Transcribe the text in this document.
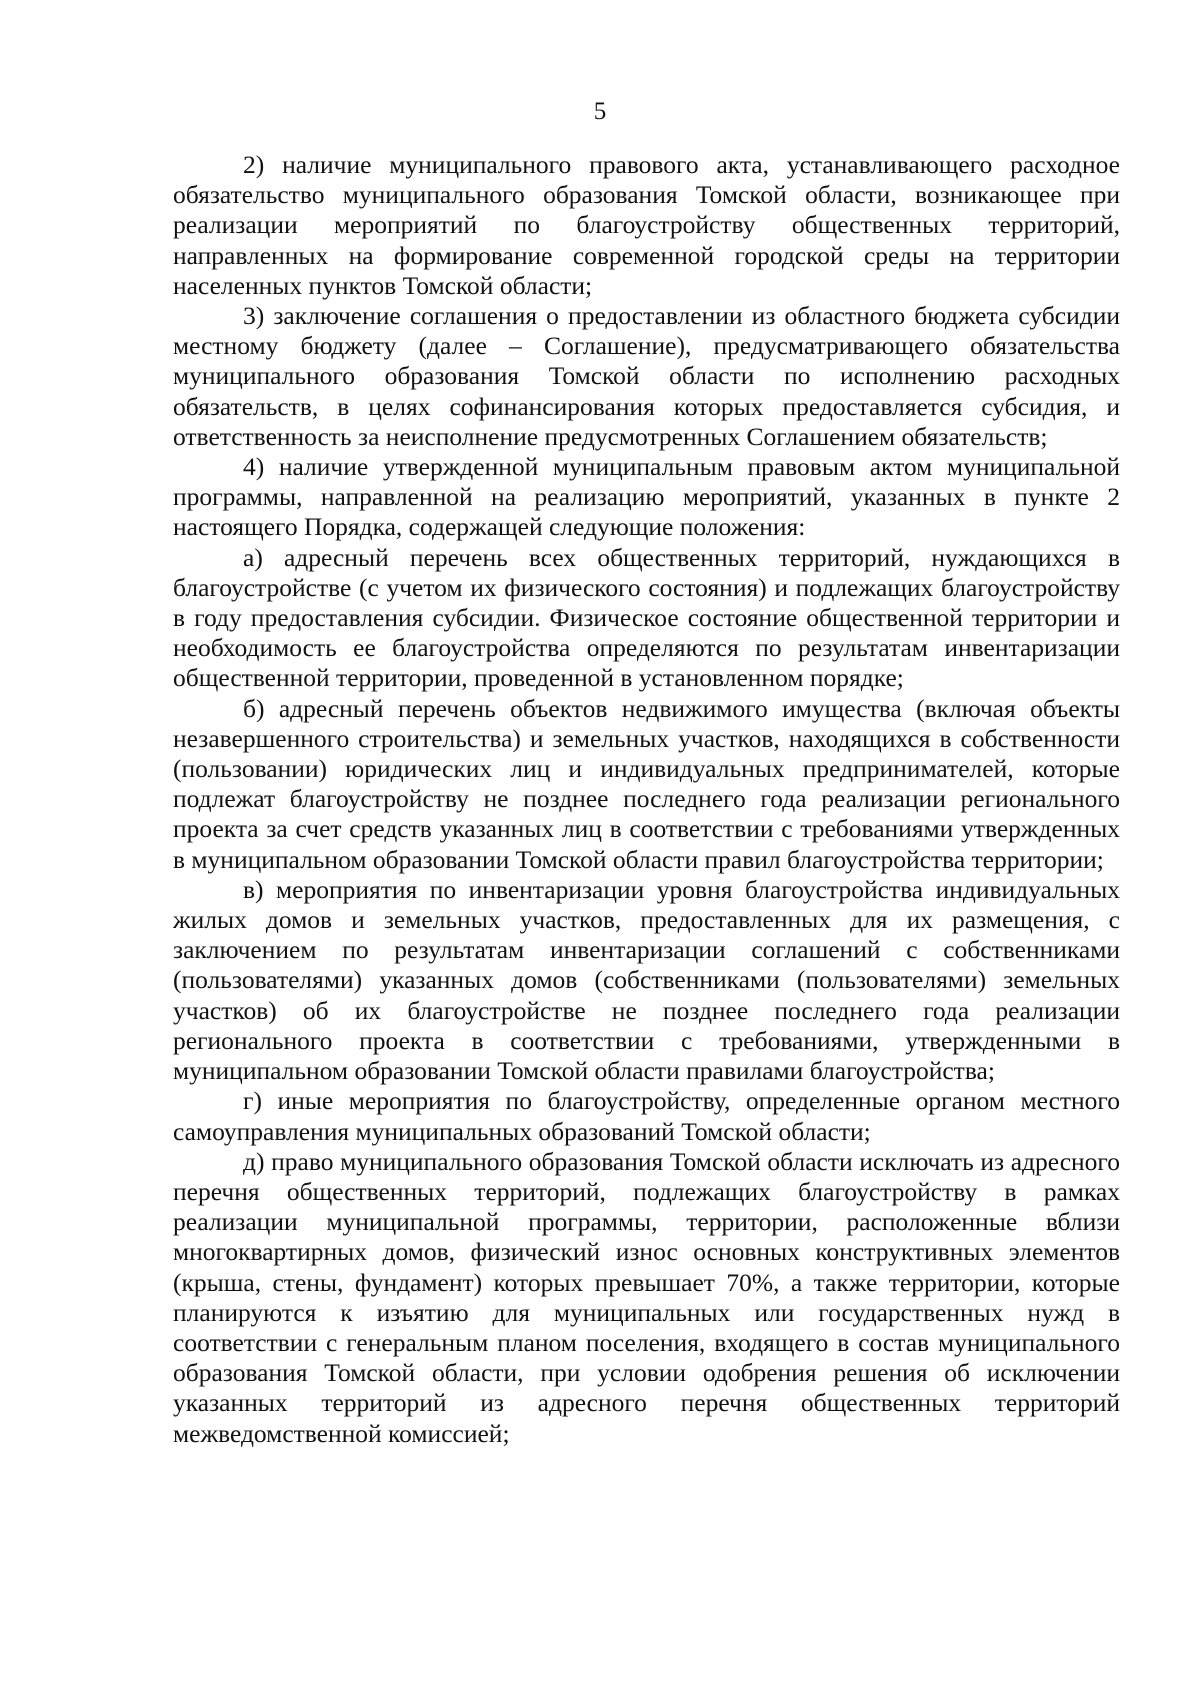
5

2) наличие муниципального правового акта, устанавливающего расходное обязательство муниципального образования Томской области, возникающее при реализации мероприятий по благоустройству общественных территорий, направленных на формирование современной городской среды на территории населенных пунктов Томской области;

3) заключение соглашения о предоставлении из областного бюджета субсидии местному бюджету (далее – Соглашение), предусматривающего обязательства муниципального образования Томской области по исполнению расходных обязательств, в целях софинансирования которых предоставляется субсидия, и ответственность за неисполнение предусмотренных Соглашением обязательств;

4) наличие утвержденной муниципальным правовым актом муниципальной программы, направленной на реализацию мероприятий, указанных в пункте 2 настоящего Порядка, содержащей следующие положения:

а) адресный перечень всех общественных территорий, нуждающихся в благоустройстве (с учетом их физического состояния) и подлежащих благоустройству в году предоставления субсидии. Физическое состояние общественной территории и необходимость ее благоустройства определяются по результатам инвентаризации общественной территории, проведенной в установленном порядке;

б) адресный перечень объектов недвижимого имущества (включая объекты незавершенного строительства) и земельных участков, находящихся в собственности (пользовании) юридических лиц и индивидуальных предпринимателей, которые подлежат благоустройству не позднее последнего года реализации регионального проекта за счет средств указанных лиц в соответствии с требованиями утвержденных в муниципальном образовании Томской области правил благоустройства территории;

в) мероприятия по инвентаризации уровня благоустройства индивидуальных жилых домов и земельных участков, предоставленных для их размещения, с заключением по результатам инвентаризации соглашений с собственниками (пользователями) указанных домов (собственниками (пользователями) земельных участков) об их благоустройстве не позднее последнего года реализации регионального проекта в соответствии с требованиями, утвержденными в муниципальном образовании Томской области правилами благоустройства;

г) иные мероприятия по благоустройству, определенные органом местного самоуправления муниципальных образований Томской области;

д) право муниципального образования Томской области исключать из адресного перечня общественных территорий, подлежащих благоустройству в рамках реализации муниципальной программы, территории, расположенные вблизи многоквартирных домов, физический износ основных конструктивных элементов (крыша, стены, фундамент) которых превышает 70%, а также территории, которые планируются к изъятию для муниципальных или государственных нужд в соответствии с генеральным планом поселения, входящего в состав муниципального образования Томской области, при условии одобрения решения об исключении указанных территорий из адресного перечня общественных территорий межведомственной комиссией;
